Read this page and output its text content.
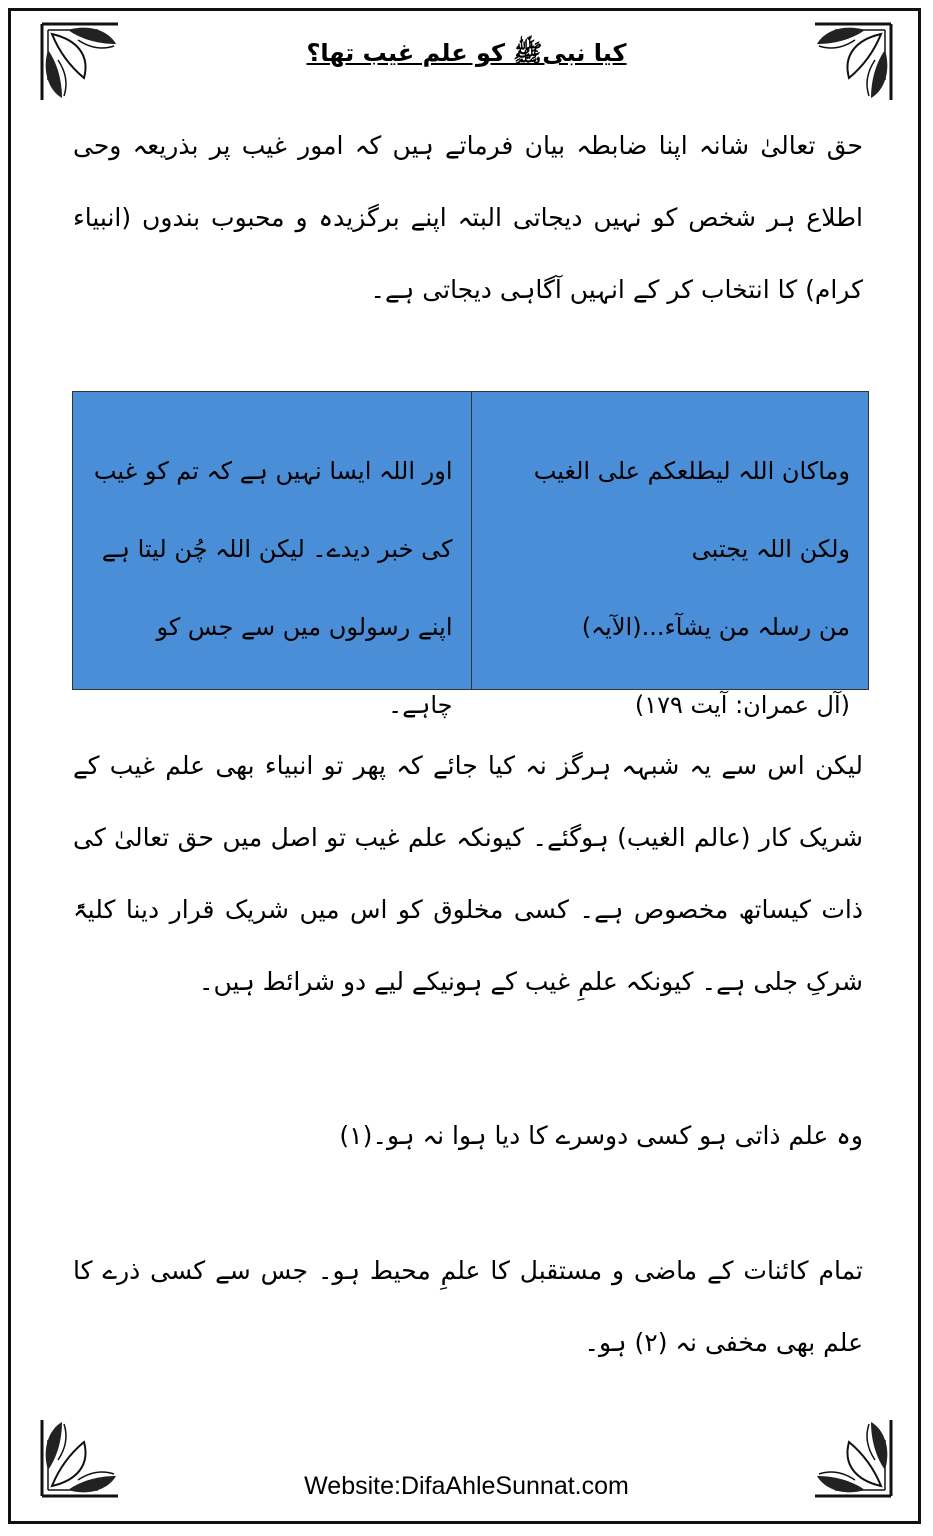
کیا نبیﷺ کو علم غیب تھا؟
حق تعالیٰ شانہ اپنا ضابطہ بیان فرماتے ہیں کہ امور غیب پر بذریعہ وحی اطلاع ہر شخص کو نہیں دیجاتی البتہ اپنے برگزیدہ و محبوب بندوں (انبیاء کرام) کا انتخاب کر کے انہیں آگاہی دیجاتی ہے۔
وماکان اللہ لیطلعکم علی الغیب ولکن اللہ یجتبی
من رسلہ من یشآء...(الآیہ)
(آل عمران: آیت ۱۷۹)
اور اللہ ایسا نہیں ہے کہ تم کو غیب کی خبر دیدے۔ لیکن اللہ چُن لیتا ہے اپنے رسولوں میں سے جس کو چاہے۔
لیکن اس سے یہ شبہہ ہرگز نہ کیا جائے کہ پھر تو انبیاء بھی علم غیب کے شریک کار (عالم الغیب) ہوگئے۔ کیونکہ علم غیب تو اصل میں حق تعالیٰ کی ذات کیساتھ مخصوص ہے۔ کسی مخلوق کو اس میں شریک قرار دینا کلیۃً شرکِ جلی ہے۔ کیونکہ علمِ غیب کے ہونیکے لیے دو شرائط ہیں۔
وہ علم ذاتی ہو کسی دوسرے کا دیا ہوا نہ ہو۔(۱)
تمام کائنات کے ماضی و مستقبل کا علمِ محیط ہو۔ جس سے کسی ذرے کا علم بھی مخفی نہ (۲) ہو۔
Website:DifaAhleSunnat.com
